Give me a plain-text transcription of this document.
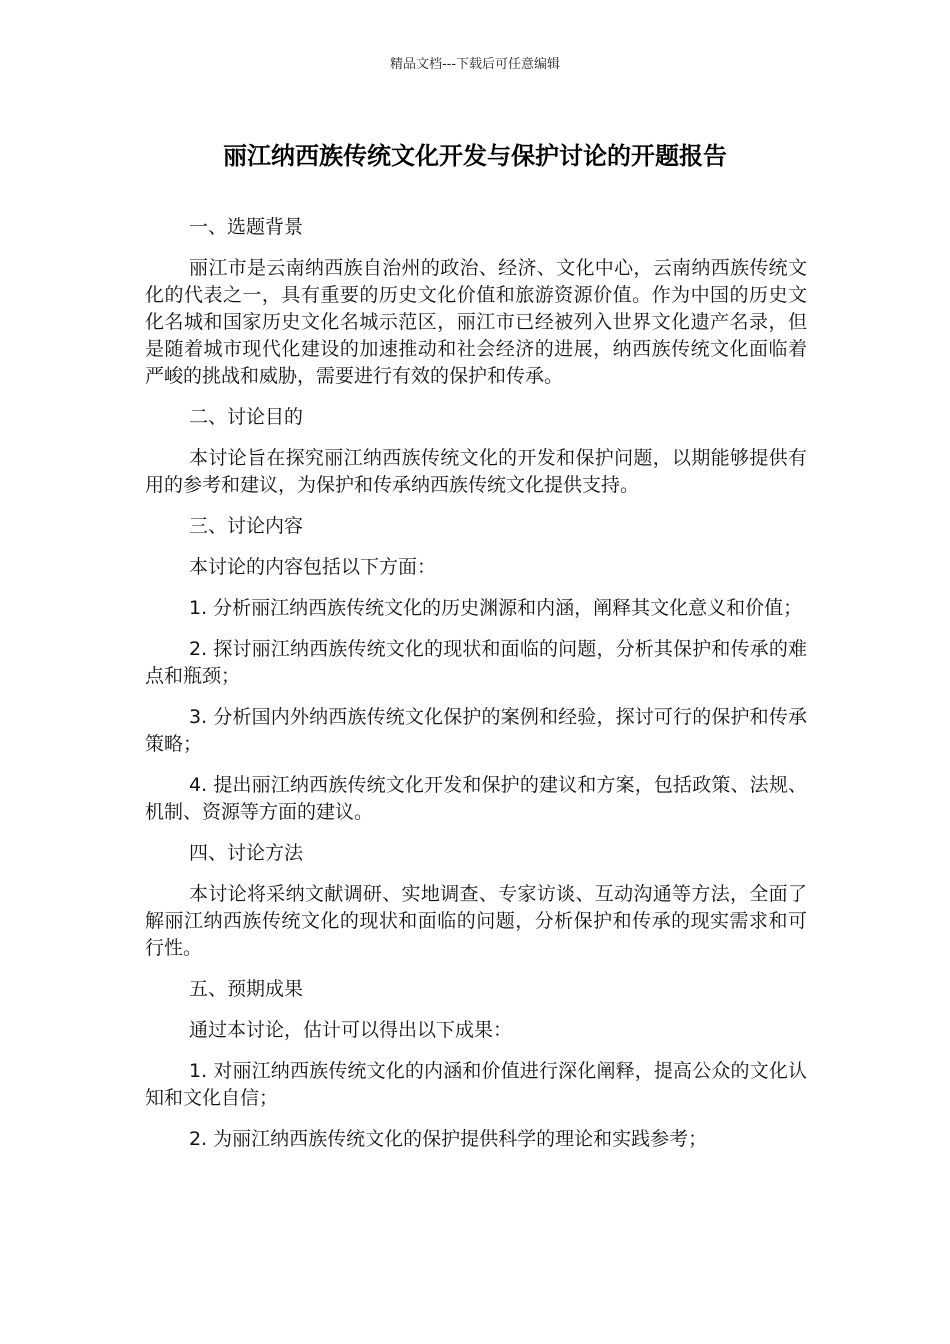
精品文档---下载后可任意编辑
丽江纳西族传统文化开发与保护讨论的开题报告
一、选题背景

丽江市是云南纳西族自治州的政治、经济、文化中心，云南纳西族传统文化的代表之一，具有重要的历史文化价值和旅游资源价值。作为中国的历史文化名城和国家历史文化名城示范区，丽江市已经被列入世界文化遗产名录，但是随着城市现代化建设的加速推动和社会经济的进展，纳西族传统文化面临着严峻的挑战和威胁，需要进行有效的保护和传承。

二、讨论目的

本讨论旨在探究丽江纳西族传统文化的开发和保护问题，以期能够提供有用的参考和建议，为保护和传承纳西族传统文化提供支持。

三、讨论内容

本讨论的内容包括以下方面：

1. 分析丽江纳西族传统文化的历史渊源和内涵，阐释其文化意义和价值；

2. 探讨丽江纳西族传统文化的现状和面临的问题，分析其保护和传承的难点和瓶颈；

3. 分析国内外纳西族传统文化保护的案例和经验，探讨可行的保护和传承策略；

4. 提出丽江纳西族传统文化开发和保护的建议和方案，包括政策、法规、机制、资源等方面的建议。

四、讨论方法

本讨论将采纳文献调研、实地调查、专家访谈、互动沟通等方法，全面了解丽江纳西族传统文化的现状和面临的问题，分析保护和传承的现实需求和可行性。

五、预期成果

通过本讨论，估计可以得出以下成果：

1. 对丽江纳西族传统文化的内涵和价值进行深化阐释，提高公众的文化认知和文化自信；

2. 为丽江纳西族传统文化的保护提供科学的理论和实践参考；
